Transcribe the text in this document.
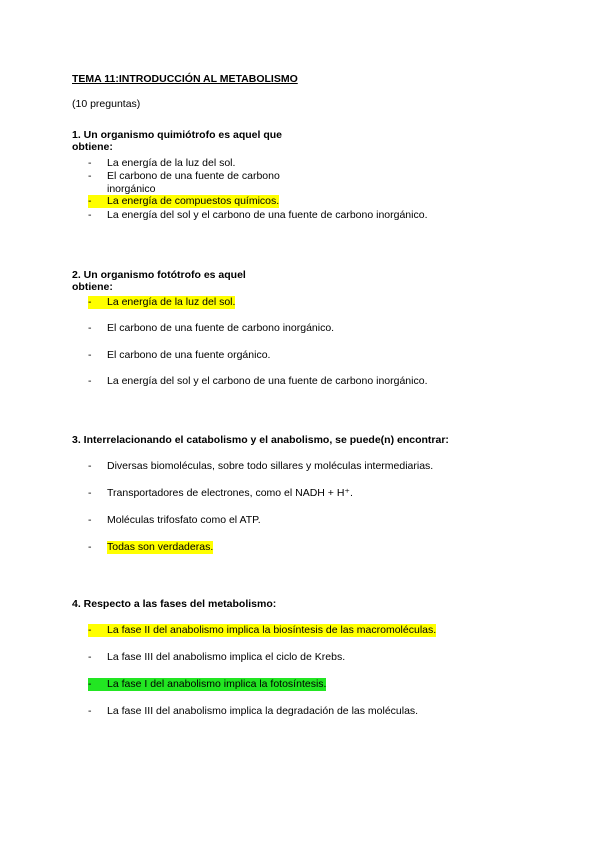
TEMA 11:INTRODUCCIÓN AL METABOLISMO
(10 preguntas)
1. Un organismo quimiótrofo es aquel que
obtiene:
- La energía de la luz del sol.
- El carbono de una fuente de carbono
inorgánico
- La energía de compuestos químicos.
- La energía del sol y el carbono de una fuente de carbono inorgánico.
2. Un organismo fotótrofo es aquel
obtiene:
- La energía de la luz del sol.
- El carbono de una fuente de carbono inorgánico.
- El carbono de una fuente orgánico.
- La energía del sol y el carbono de una fuente de carbono inorgánico.
3. Interrelacionando el catabolismo y el anabolismo, se puede(n) encontrar:
- Diversas biomoléculas, sobre todo sillares y moléculas intermediarias.
- Transportadores de electrones, como el NADH + H⁺.
- Moléculas trifosfato como el ATP.
- Todas son verdaderas.
4. Respecto a las fases del metabolismo:
- La fase II del anabolismo implica la biosíntesis de las macromoléculas.
- La fase III del anabolismo implica el ciclo de Krebs.
- La fase I del anabolismo implica la fotosíntesis.
- La fase III del anabolismo implica la degradación de las moléculas.
